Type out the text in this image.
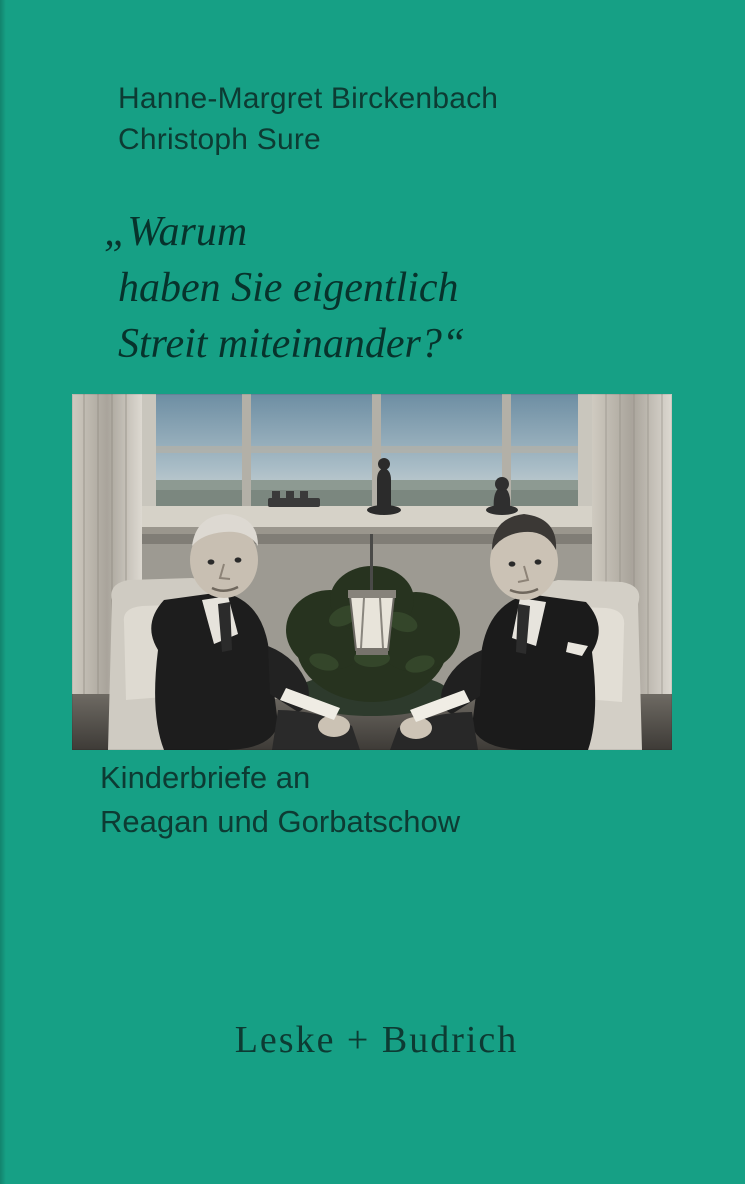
Hanne-Margret Birckenbach
Christoph Sure
„Warum
haben Sie eigentlich
Streit miteinander?“
Kinderbriefe an
Reagan und Gorbatschow
Leske + Budrich
